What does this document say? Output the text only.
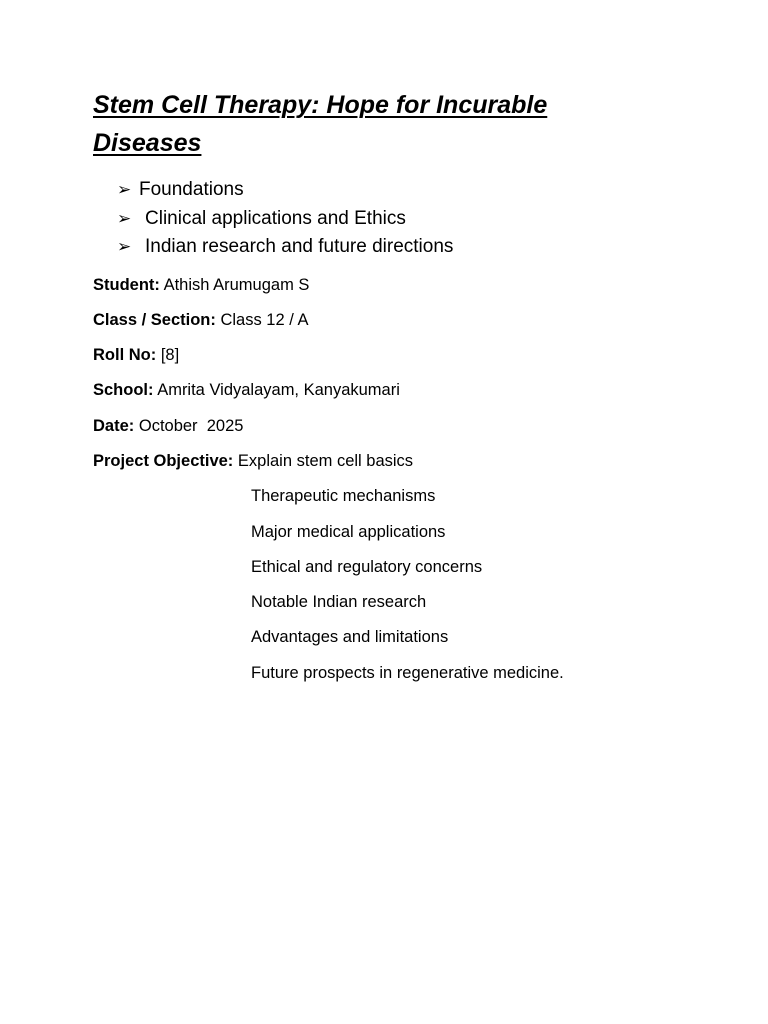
Stem Cell Therapy: Hope for Incurable
Diseases
➢ Foundations
➢ Clinical applications and Ethics
➢ Indian research and future directions
Student: Athish Arumugam S
Class / Section: Class 12 / A
Roll No: [8]
School: Amrita Vidyalayam, Kanyakumari
Date: October  2025
Project Objective: Explain stem cell basics
Therapeutic mechanisms
Major medical applications
Ethical and regulatory concerns
Notable Indian research
Advantages and limitations
Future prospects in regenerative medicine.
